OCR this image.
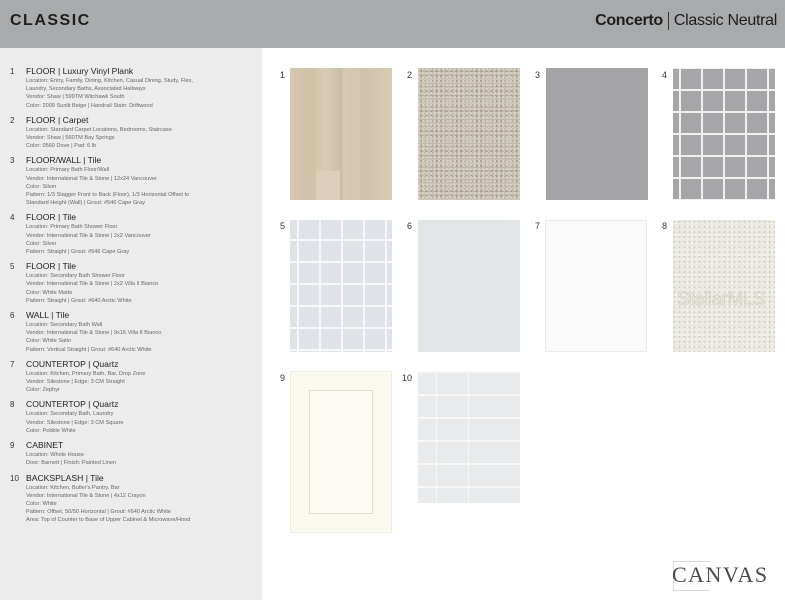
CLASSIC	Concerto Classic Neutral
1	FLOOR | Luxury Vinyl Plank
Location: Entry, Family, Dining, Kitchen, Casual Dining, Study, Flex,
Laundry, Secondary Baths, Associated Hallways
Vendor: Shaw | 599TM Witchawk South
Color: 2099 Sunlit Beige | Handrail Stain: Driftwood
2	FLOOR | Carpet
Location: Standard Carpet Locations, Bedrooms, Staircase
Vendor: Shaw | 560TM Bay Springs
Color: 0560 Dove | Pad: 6 lb
3	FLOOR/WALL | Tile
Location: Primary Bath Floor/Wall
Vendor: International Tile & Stone | 12x24 Vancouver
Color: Silver
Pattern: 1/3 Stagger Front to Back (Floor), 1/3 Horizontal Offset to
Standard Height (Wall) | Grout: #546 Cape Gray
4	FLOOR | Tile
Location: Primary Bath Shower Floor
Vendor: International Tile & Stone | 2x2 Vancouver
Color: Silver
Pattern: Straight | Grout: #546 Cape Gray
5	FLOOR | Tile
Location: Secondary Bath Shower Floor
Vendor: International Tile & Stone | 2x2 Villa II Bianco
Color: White Matte
Pattern: Straight | Grout: #640 Arctic White
6	WALL | Tile
Location: Secondary Bath Wall
Vendor: International Tile & Stone | 9x16 Villa II Bianco
Color: White Satin
Pattern: Vertical Straight | Grout: #640 Arctic White
7	COUNTERTOP | Quartz
Location: Kitchen, Primary Bath, Bar, Drop Zone
Vendor: Silestone | Edge: 3 CM Straight
Color: Zephyr
8	COUNTERTOP | Quartz
Location: Secondary Bath, Laundry
Vendor: Silestone | Edge: 3 CM Square
Color: Pebble White
9	CABINET
Location: Whole House
Door: Barnett | Finish: Painted Linen
10 BACKSPLASH | Tile
Location: Kitchen, Butler's Pantry, Bar
Vendor: International Tile & Stone | 4x12 Crayon
Color: White
Pattern: Offset, 50/50 Horizontal | Grout: #640 Arctic White
Area: Top of Counter to Base of Upper Cabinet & Microwave/Hood
1	2	3	4
5	6	7	8
9	10
StellarMLS
CANVAS
